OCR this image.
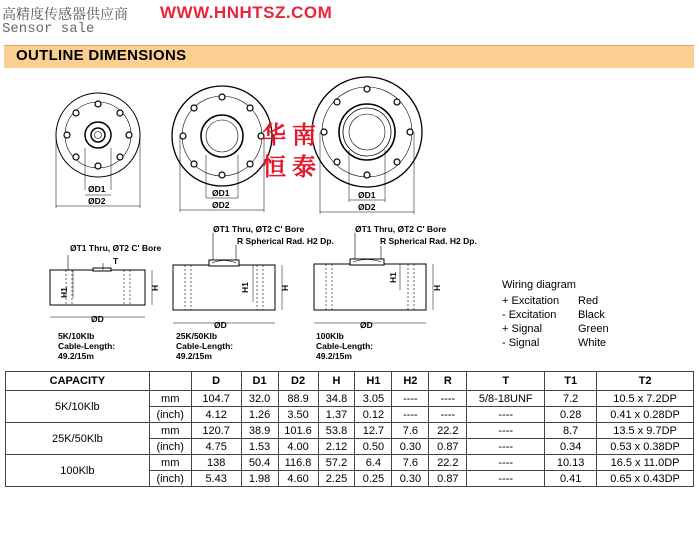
高精度传感器供应商 WWW.HNHTSZ.COM
Sensor sale
OUTLINE DIMENSIONS
ØD1
ØD2
ØD1
ØD2
ØD1
ØD2
ØT1 Thru, ØT2 C' Bore
T
H1	H
ØD
5K/10Klb
Cable-Length:
49.2/15m
ØT1 Thru, ØT2 C' Bore
R Spherical Rad. H2 Dp.
H1	H
ØD
25K/50Klb
Cable-Length:
49.2/15m
ØT1 Thru, ØT2 C' Bore
R Spherical Rad. H2 Dp.
H1
H
ØD
100Klb
Cable-Length:
49.2/15m
华 南
恒 泰
Wiring diagram
+ Excitation	Red
- Excitation	Black
+ Signal	Green
- Signal	White
CAPACITY		D	D1	D2	H	H1	H2	R	T	T1	T2
5K/10Klb	mm	104.7	32.0	88.9	34.8	3.05	----	----	5/8-18UNF	7.2	10.5 x 7.2DP
	(inch)	4.12	1.26	3.50	1.37	0.12	----	----	----	0.28	0.41 x 0.28DP
25K/50Klb	mm	120.7	38.9	101.6	53.8	12.7	7.6	22.2	----	8.7	13.5 x 9.7DP
	(inch)	4.75	1.53	4.00	2.12	0.50	0.30	0.87	----	0.34	0.53 x 0.38DP
100Klb	mm	138	50.4	116.8	57.2	6.4	7.6	22.2	----	10.13	16.5 x 11.0DP
	(inch)	5.43	1.98	4.60	2.25	0.25	0.30	0.87	----	0.41	0.65 x 0.43DP
